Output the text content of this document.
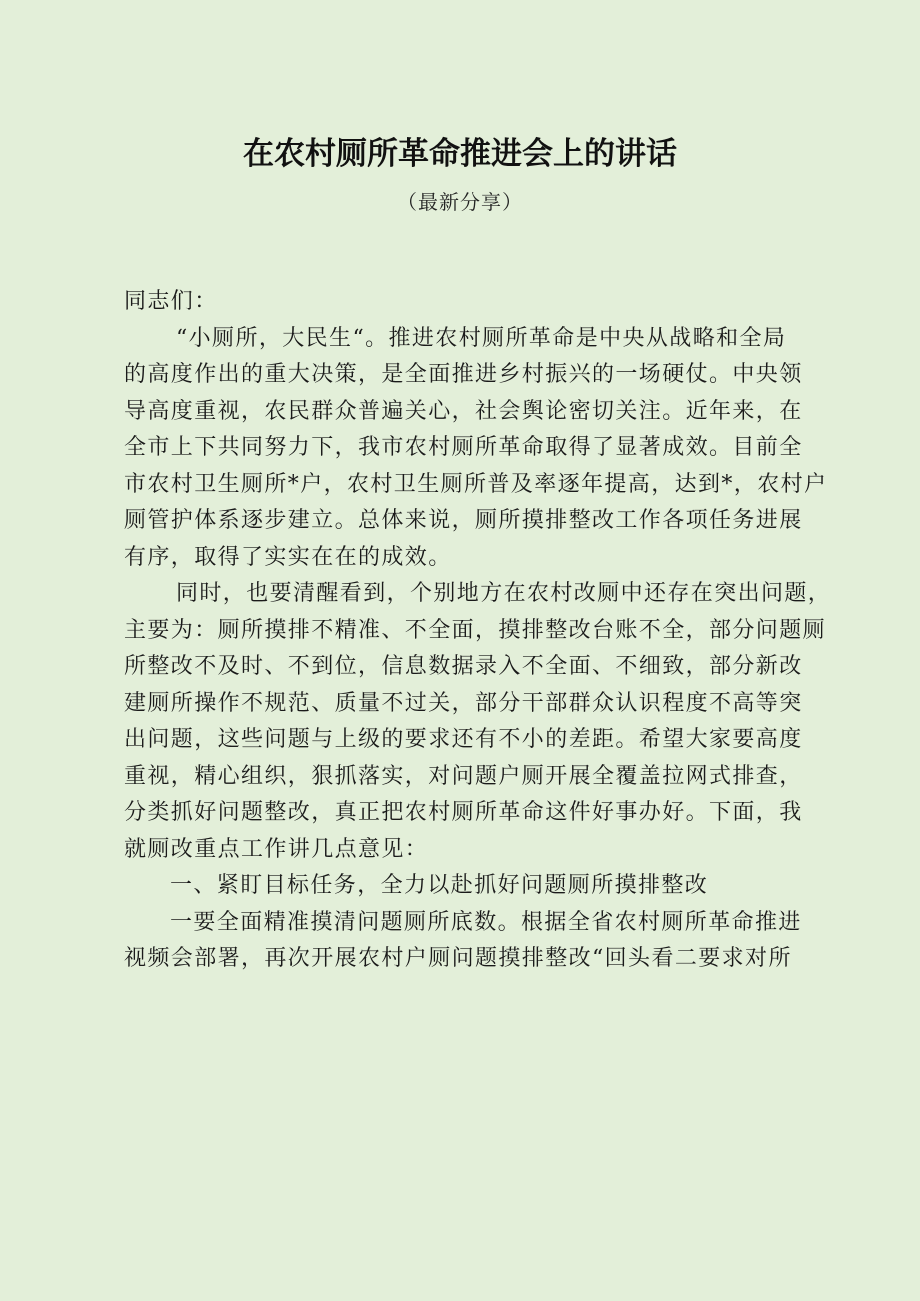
在农村厕所革命推进会上的讲话
（最新分享）
同志们：
“小厕所，大民生“。推进农村厕所革命是中央从战略和全局
的高度作出的重大决策，是全面推进乡村振兴的一场硬仗。中央领
导高度重视，农民群众普遍关心，社会舆论密切关注。近年来，在
全市上下共同努力下，我市农村厕所革命取得了显著成效。目前全
市农村卫生厕所*户，农村卫生厕所普及率逐年提高，达到*，农村户
厕管护体系逐步建立。总体来说，厕所摸排整改工作各项任务进展
有序，取得了实实在在的成效。
同时，也要清醒看到，个别地方在农村改厕中还存在突出问题，
主要为：厕所摸排不精准、不全面，摸排整改台账不全，部分问题厕
所整改不及时、不到位，信息数据录入不全面、不细致，部分新改
建厕所操作不规范、质量不过关，部分干部群众认识程度不高等突
出问题，这些问题与上级的要求还有不小的差距。希望大家要高度
重视，精心组织，狠抓落实，对问题户厕开展全覆盖拉网式排查，
分类抓好问题整改，真正把农村厕所革命这件好事办好。下面，我
就厕改重点工作讲几点意见：
一、紧盯目标任务，全力以赴抓好问题厕所摸排整改
一要全面精准摸清问题厕所底数。根据全省农村厕所革命推进
视频会部署，再次开展农村户厕问题摸排整改“回头看二要求对所
